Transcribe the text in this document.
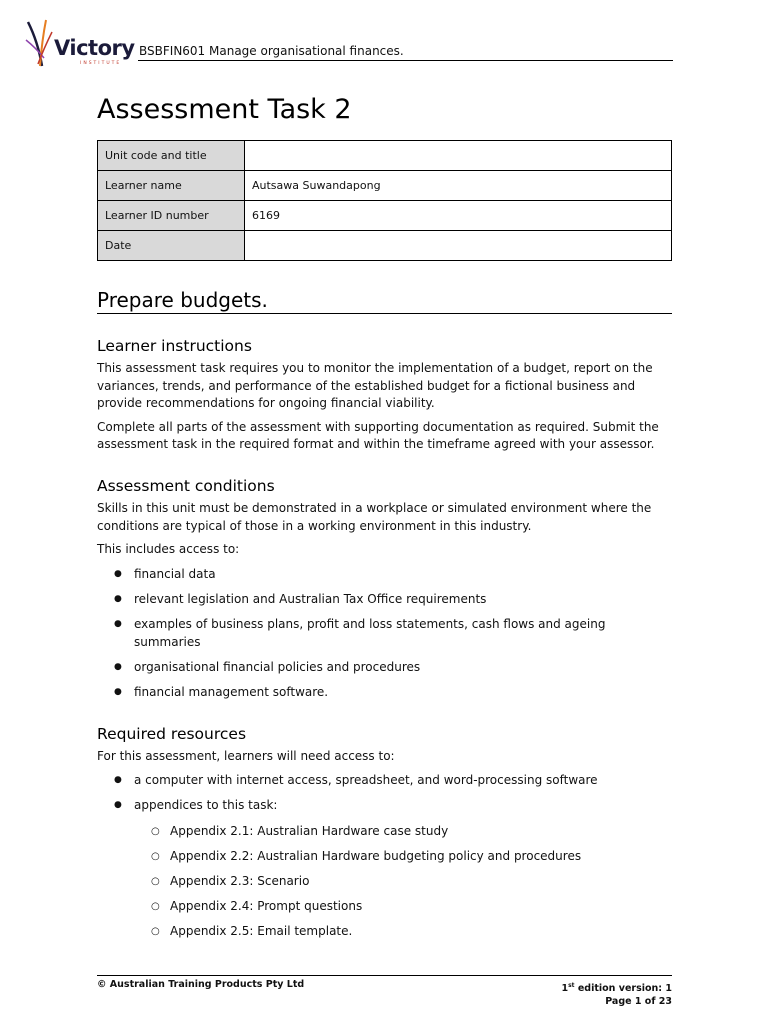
Victory
INSTITUTE
BSBFIN601 Manage organisational finances.
Assessment Task 2
Unit code and title	
Learner name	Autsawa Suwandapong
Learner ID number	6169
Date	
Prepare budgets.
Learner instructions

This assessment task requires you to monitor the implementation of a budget, report on the variances, trends, and performance of the established budget for a fictional business and provide recommendations for ongoing financial viability.

Complete all parts of the assessment with supporting documentation as required. Submit the assessment task in the required format and within the timeframe agreed with your assessor.

Assessment conditions

Skills in this unit must be demonstrated in a workplace or simulated environment where the conditions are typical of those in a working environment in this industry.

This includes access to:

● financial data
● relevant legislation and Australian Tax Office requirements
● examples of business plans, profit and loss statements, cash flows and ageing summaries
● organisational financial policies and procedures
● financial management software.
Required resources

For this assessment, learners will need access to:

● a computer with internet access, spreadsheet, and word-processing software
● appendices to this task:
○ Appendix 2.1: Australian Hardware case study
○ Appendix 2.2: Australian Hardware budgeting policy and procedures
○ Appendix 2.3: Scenario
○ Appendix 2.4: Prompt questions
○ Appendix 2.5: Email template.
© Australian Training Products Pty Ltd	1st edition version: 1
Page 1 of 23
